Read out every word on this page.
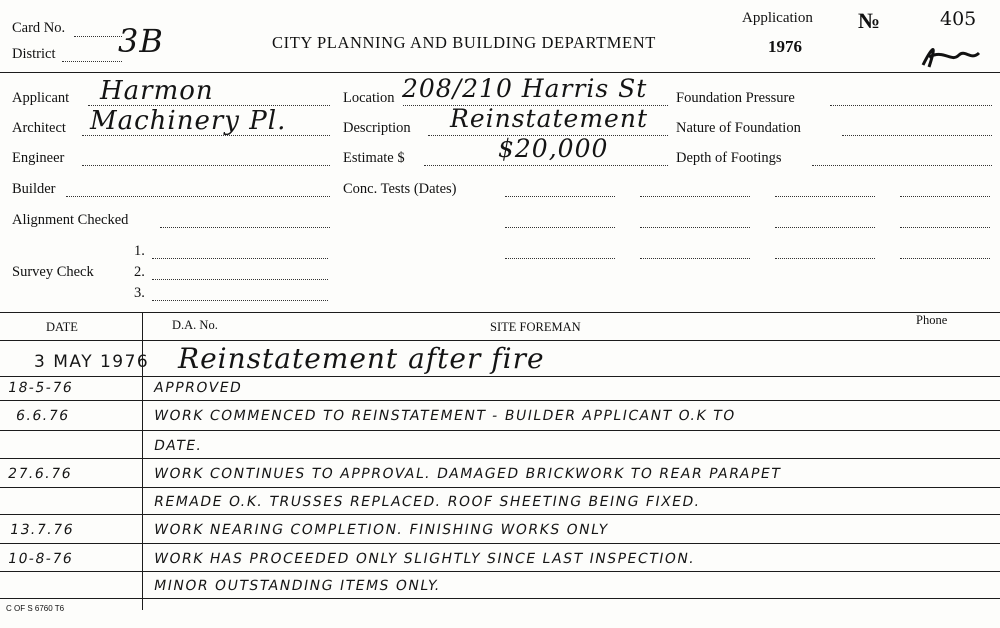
Card No.
District 3B	CITY PLANNING AND BUILDING DEPARTMENT
Application
1976
№	405
Applicant Harmon
Architect Machinery Pl.
Engineer
Builder
Alignment Checked
Survey Check
1.
2.
3.
Location 208/210 Harris St
Description Reinstatement
Estimate $	$20,000
Conc. Tests (Dates)
Foundation Pressure
Nature of Foundation
Depth of Footings
DATE	D.A. No.	SITE FOREMAN	Phone
3 MAY 1976 Reinstatement after fire
18-5-76	APPROVED
6.6.76	WORK COMMENCED TO REINSTATEMENT - BUILDER APPLICANT O.K TO
DATE.
27.6.76	WORK CONTINUES TO APPROVAL. DAMAGED BRICKWORK TO REAR PARAPET
REMADE O.K. TRUSSES REPLACED. ROOF SHEETING BEING FIXED.
13.7.76	WORK NEARING COMPLETION. FINISHING WORKS ONLY
10-8-76	WORK HAS PROCEEDED ONLY SLIGHTLY SINCE LAST INSPECTION.
MINOR OUTSTANDING ITEMS ONLY.
C OF S 6760 T6
